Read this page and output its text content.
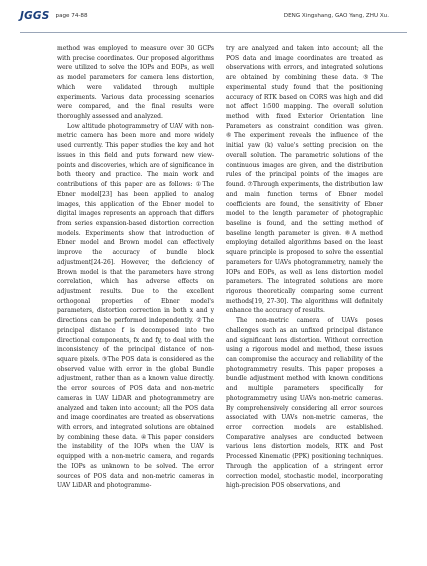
JGGS page 74-88	DENG Xingshang, GAO Yang, ZHU Xu.

method was employed to measure over 30 GCPs with precise coordinates. Our proposed algorithms were utilized to solve the IOPs and EOPs, as well as model parameters for camera lens distortion, which were validated through multiple experiments. Various data processing scenarios were compared, and the final results were thoroughly assessed and analyzed.

Low altitude photogrammetry of UAV with non-metric camera has been more and more widely used currently. This paper studies the key and hot issues in this field and puts forward new view-points and discoveries, which are of significance in both theory and practice. The main work and contributions of this paper are as follows: ①The Ebner model[23] has been applied to analog images, this application of the Ebner model to digital images represents an approach that differs from series expansion-based distortion correction models. Experiments show that introduction of Ebner model and Brown model can effectively improve the accuracy of bundle block adjustment[24-26]. However, the deficiency of Brown model is that the parameters have strong correlation, which has adverse effects on adjustment results. Due to the excellent orthogonal properties of Ebner model's parameters, distortion correction in both x and y directions can be performed independently. ②The principal distance f is decomposed into two directional components, fx and fy, to deal with the inconsistency of the principal distance of non-square pixels. ③The POS data is considered as the observed value with error in the global Bundle adjustment, rather than as a known value directly. the error sources of POS data and non-metric cameras in UAV LiDAR and photogrammetry are analyzed and taken into account; all the POS data and image coordinates are treated as observations with errors, and integrated solutions are obtained by combining these data. ④This paper considers the instability of the IOPs when the UAV is equipped with a non-metric camera, and regards the IOPs as unknown to be solved. The error sources of POS data and non-metric cameras in UAV LiDAR and photogramme-

try are analyzed and taken into account; all the POS data and image coordinates are treated as observations with errors, and integrated solutions are obtained by combining these data. ⑤The experimental study found that the positioning accuracy of RTK based on CORS was high and did not affect 1∶500 mapping. The overall solution method with fixed Exterior Orientation line Parameters as constraint condition was given. ⑥The experiment reveals the influence of the initial yaw (k) value's setting precision on the overall solution. The parametric solutions of the continuous images are given, and the distribution rules of the principal points of the images are found. ⑦Through experiments, the distribution law and main function terms of Ebner model coefficients are found, the sensitivity of Ebner model to the length parameter of photographic baseline is found, and the setting method of baseline length parameter is given. ⑧A method employing detailed algorithms based on the least square principle is proposed to solve the essential parameters for UAVs photogrammetry, namely the IOPs and EOPs, as well as lens distortion model parameters. The integrated solutions are more rigorous theoretically comparing some current methods[19, 27-30]. The algorithms will definitely enhance the accuracy of results.

The non-metric camera of UAVs poses challenges such as an unfixed principal distance and significant lens distortion. Without correction using a rigorous model and method, these issues can compromise the accuracy and reliability of the photogrammetry results. This paper proposes a bundle adjustment method with known conditions and multiple parameters specifically for photogrammetry using UAVs non-metric cameras. By comprehensively considering all error sources associated with UAVs non-metric cameras, the error correction models are established. Comparative analyses are conducted between various lens distortion models, RTK and Post Processed Kinematic (PPK) positioning techniques. Through the application of a stringent error correction model, stochastic model, incorporating high-precision POS observations, and
